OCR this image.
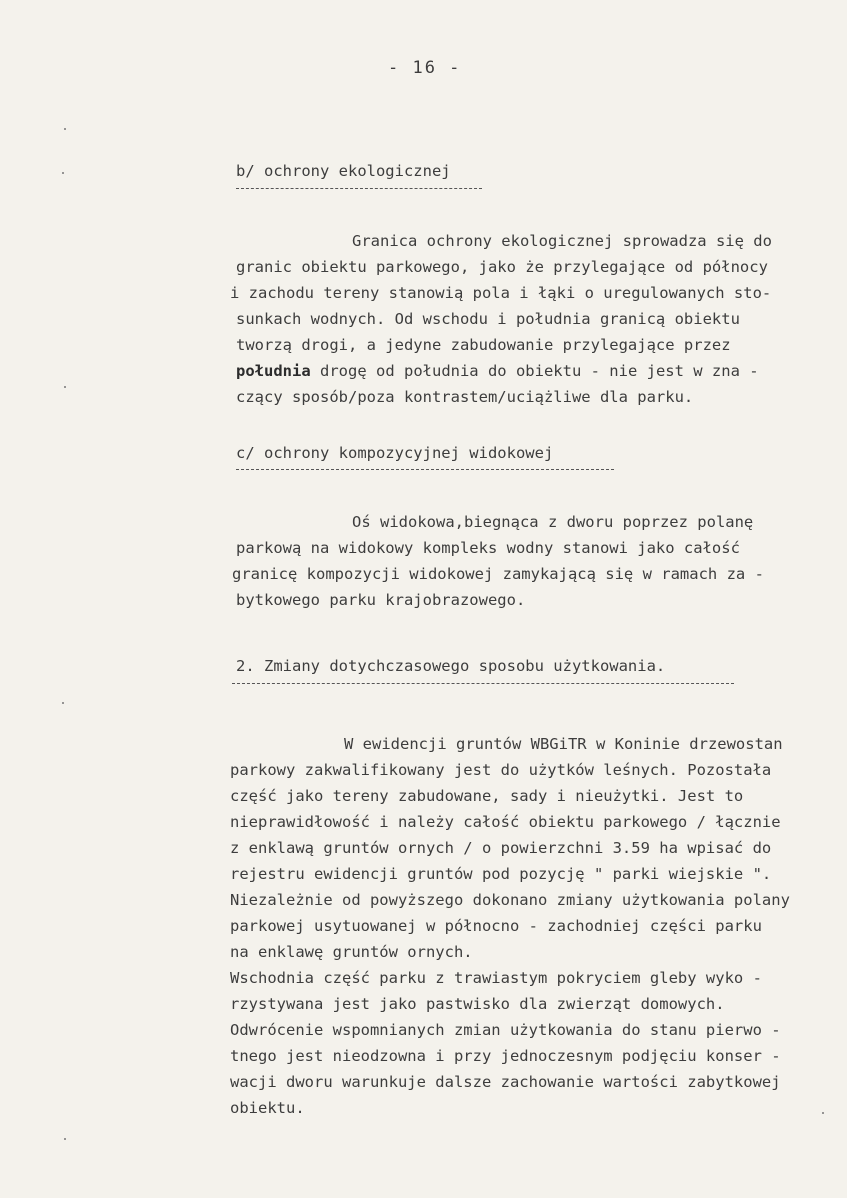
- 16 -
b/ ochrony ekologicznej
Granica ochrony ekologicznej sprowadza się do
granic obiektu parkowego, jako że przylegające od północy
i zachodu tereny stanowią pola i łąki o uregulowanych sto-
sunkach wodnych. Od wschodu i południa granicą obiektu
tworzą drogi, a jedyne zabudowanie przylegające przez
południa drogę od południa do obiektu - nie jest w zna -
czący sposób/poza kontrastem/uciążliwe dla parku.
c/ ochrony kompozycyjnej widokowej
Oś widokowa,biegnąca z dworu poprzez polanę
parkową na widokowy kompleks wodny stanowi jako całość
granicę kompozycji widokowej zamykającą się w ramach za -
bytkowego parku krajobrazowego.
2. Zmiany dotychczasowego sposobu użytkowania.
W ewidencji gruntów WBGiTR w Koninie drzewostan
parkowy zakwalifikowany jest do użytków leśnych. Pozostała
część jako tereny zabudowane, sady i nieużytki. Jest to
nieprawidłowość i należy całość obiektu parkowego / łącznie
z enklawą gruntów ornych / o powierzchni 3.59 ha wpisać do
rejestru ewidencji gruntów pod pozycję " parki wiejskie ".
Niezależnie od powyższego dokonano zmiany użytkowania polany
parkowej usytuowanej w północno - zachodniej części parku
na enklawę gruntów ornych.
Wschodnia część parku z trawiastym pokryciem gleby wyko -
rzystywana jest jako pastwisko dla zwierząt domowych.
Odwrócenie wspomnianych zmian użytkowania do stanu pierwo -
tnego jest nieodzowna i przy jednoczesnym podjęciu konser -
wacji dworu warunkuje dalsze zachowanie wartości zabytkowej
obiektu.
